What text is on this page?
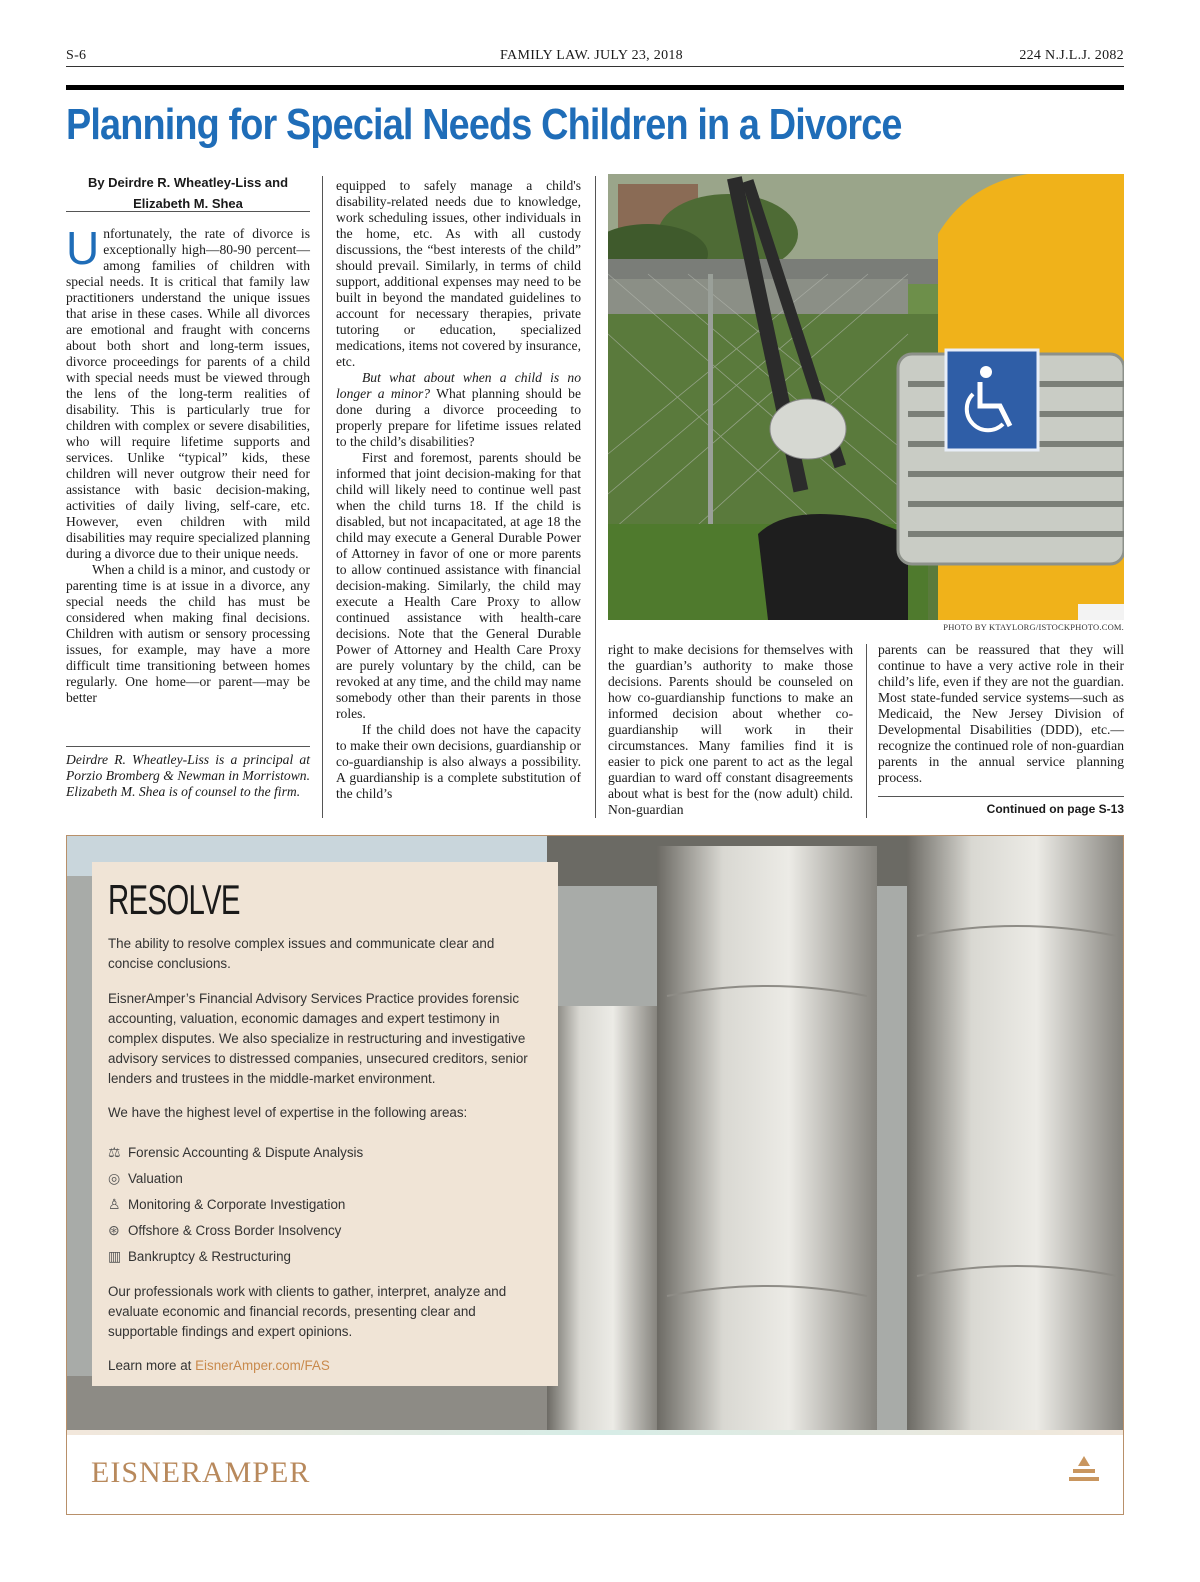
S-6	FAMILY LAW. JULY 23, 2018	224 N.J.L.J. 2082
Planning for Special Needs Children in a Divorce
By Deirdre R. Wheatley-Liss and
Elizabeth M. Shea

Unfortunately, the rate of divorce is exceptionally high—80-90 percent—among families of children with special needs. It is critical that family law practitioners understand the unique issues that arise in these cases. While all divorces are emotional and fraught with concerns about both short and long-term issues, divorce proceedings for parents of a child with special needs must be viewed through the lens of the long-term realities of disability. This is particularly true for children with complex or severe disabilities, who will require lifetime supports and services. Unlike “typical” kids, these children will never outgrow their need for assistance with basic decision-making, activities of daily living, self-care, etc. However, even children with mild disabilities may require specialized planning during a divorce due to their unique needs.

When a child is a minor, and custody or parenting time is at issue in a divorce, any special needs the child has must be considered when making final decisions. Children with autism or sensory processing issues, for example, may have a more difficult time transitioning between homes regularly. One home—or parent—may be better

Deirdre R. Wheatley-Liss is a principal at Porzio Bromberg & Newman in Morristown. Elizabeth M. Shea is of counsel to the firm.

equipped to safely manage a child's disability-related needs due to knowledge, work scheduling issues, other individuals in the home, etc. As with all custody discussions, the “best interests of the child” should prevail. Similarly, in terms of child support, additional expenses may need to be built in beyond the mandated guidelines to account for necessary therapies, private tutoring or education, specialized medications, items not covered by insurance, etc.

But what about when a child is no longer a minor? What planning should be done during a divorce proceeding to properly prepare for lifetime issues related to the child’s disabilities?

First and foremost, parents should be informed that joint decision-making for that child will likely need to continue well past when the child turns 18. If the child is disabled, but not incapacitated, at age 18 the child may execute a General Durable Power of Attorney in favor of one or more parents to allow continued assistance with financial decision-making. Similarly, the child may execute a Health Care Proxy to allow continued assistance with health-care decisions. Note that the General Durable Power of Attorney and Health Care Proxy are purely voluntary by the child, can be revoked at any time, and the child may name somebody other than their parents in those roles.

If the child does not have the capacity to make their own decisions, guardianship or co-guardianship is also always a possibility. A guardianship is a complete substitution of the child’s

PHOTO BY KTAYLORG/ISTOCKPHOTO.COM.

right to make decisions for themselves with the guardian’s authority to make those decisions. Parents should be counseled on how co-guardianship functions to make an informed decision about whether co-guardianship will work in their circumstances. Many families find it is easier to pick one parent to act as the legal guardian to ward off constant disagreements about what is best for the (now adult) child. Non-guardian

parents can be reassured that they will continue to have a very active role in their child’s life, even if they are not the guardian. Most state-funded service systems—such as Medicaid, the New Jersey Division of Developmental Disabilities (DDD), etc.—recognize the continued role of non-guardian parents in the annual service planning process.

Continued on page S-13
RESOLVE
The ability to resolve complex issues and communicate clear and concise conclusions.
EisnerAmper’s Financial Advisory Services Practice provides forensic accounting, valuation, economic damages and expert testimony in complex disputes. We also specialize in restructuring and investigative advisory services to distressed companies, unsecured creditors, senior lenders and trustees in the middle-market environment.
We have the highest level of expertise in the following areas:
⚖ Forensic Accounting & Dispute Analysis
◎ Valuation
♙ Monitoring & Corporate Investigation
⊛ Offshore & Cross Border Insolvency
▥ Bankruptcy & Restructuring
Our professionals work with clients to gather, interpret, analyze and evaluate economic and financial records, presenting clear and supportable findings and expert opinions.
Learn more at EisnerAmper.com/FAS
EISNERAMPER
